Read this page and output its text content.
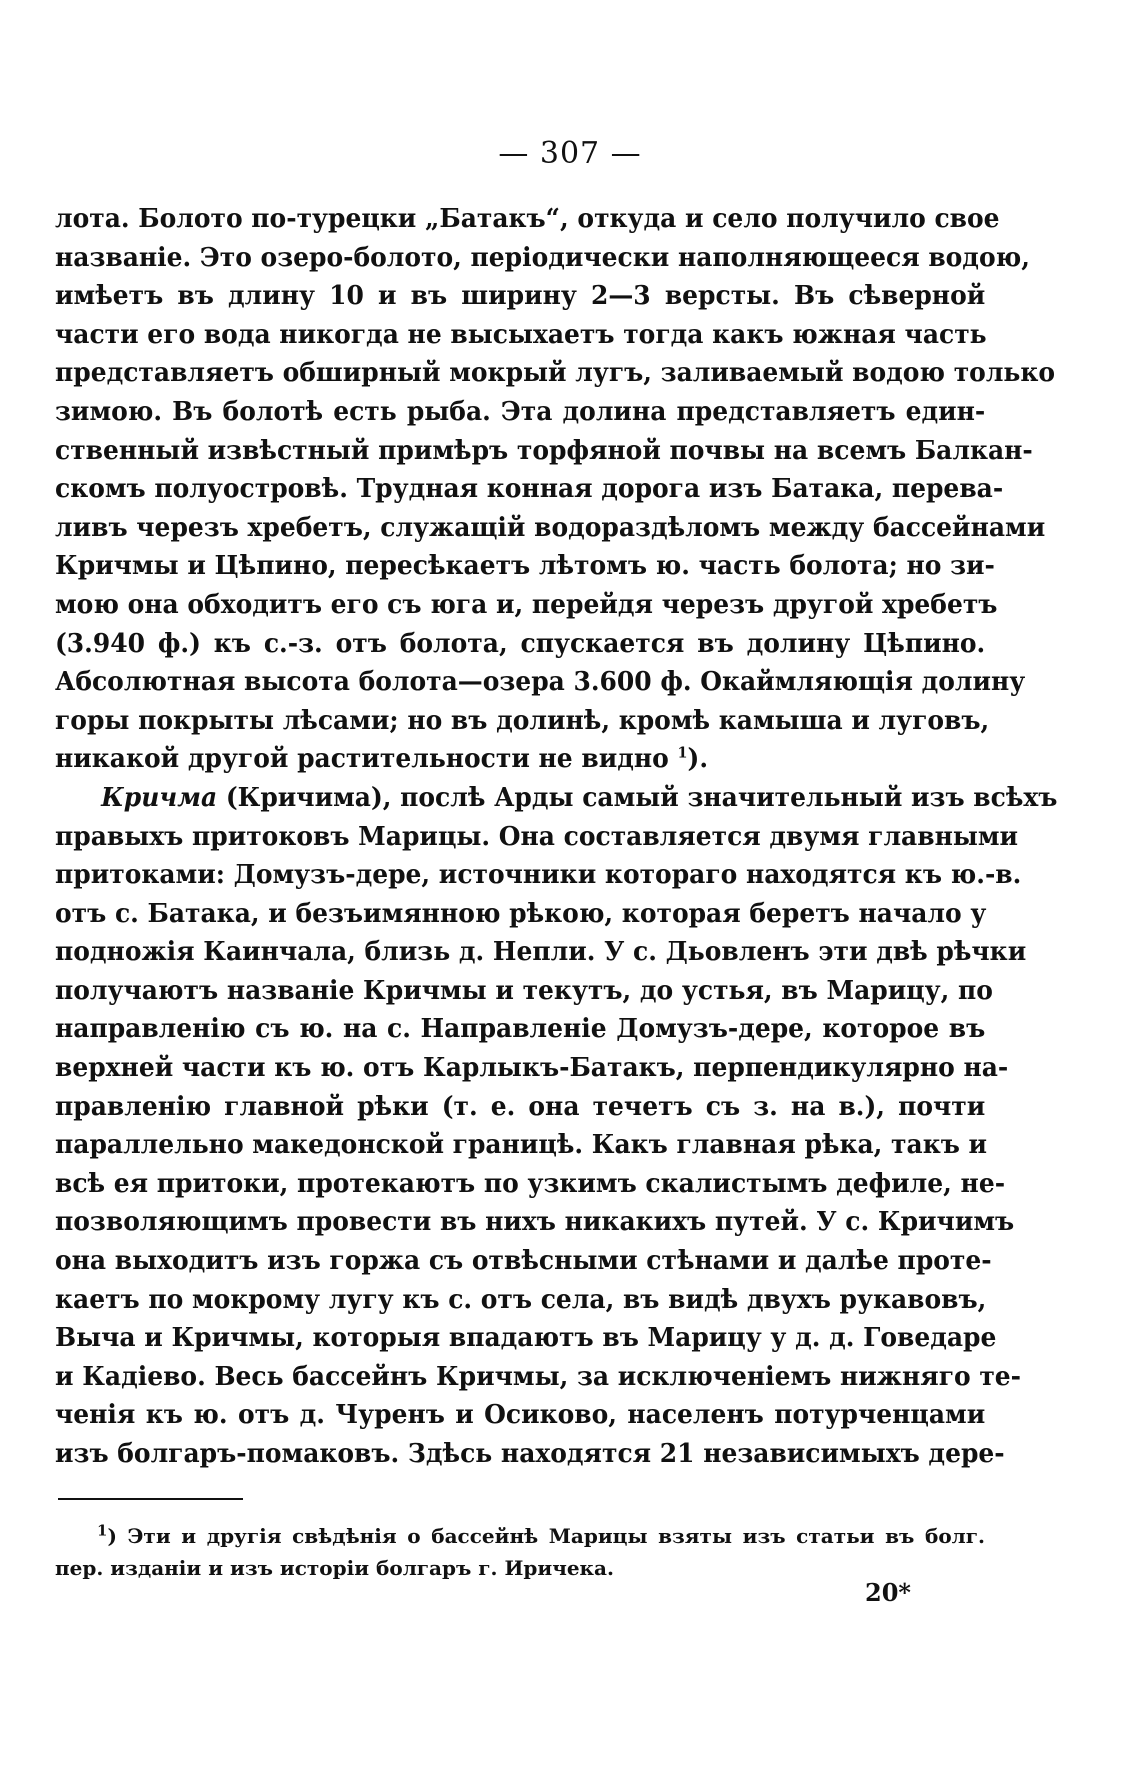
— 307 —
лота. Болото по-турецки „Батакъ“, откуда и село получило свое
названіе. Это озеро-болото, періодически наполняющееся водою,
имѣетъ въ длину 10 и въ ширину 2—3 версты. Въ сѣверной
части его вода никогда не высыхаетъ тогда какъ южная часть
представляетъ обширный мокрый лугъ, заливаемый водою только
зимою. Въ болотѣ есть рыба. Эта долина представляетъ един-
ственный извѣстный примѣръ торфяной почвы на всемъ Балкан-
скомъ полуостровѣ. Трудная конная дорога изъ Батака, перева-
ливъ черезъ хребетъ, служащій водораздѣломъ между бассейнами
Кричмы и Цѣпино, пересѣкаетъ лѣтомъ ю. часть болота; но зи-
мою она обходитъ его съ юга и, перейдя черезъ другой хребетъ
(3.940 ф.) къ с.-з. отъ болота, спускается въ долину Цѣпино.
Абсолютная высота болота—озера 3.600 ф. Окаймляющія долину
горы покрыты лѣсами; но въ долинѣ, кромѣ камыша и луговъ,
никакой другой растительности не видно $^1$).
Кричма (Кричима), послѣ Арды самый значительный изъ всѣхъ
правыхъ притоковъ Марицы. Она составляется двумя главными
притоками: Домузъ-дере, источники котораго находятся къ ю.-в.
отъ с. Батака, и безъимянною рѣкою, которая беретъ начало у
подножія Каинчала, близь д. Непли. У с. Дьовленъ эти двѣ рѣчки
получаютъ названіе Кричмы и текутъ, до устья, въ Марицу, по
направленію съ ю. на с. Направленіе Домузъ-дере, которое въ
верхней части къ ю. отъ Карлыкъ-Батакъ, перпендикулярно на-
правленію главной рѣки (т. е. она течетъ съ з. на в.), почти
параллельно македонской границѣ. Какъ главная рѣка, такъ и
всѣ ея притоки, протекаютъ по узкимъ скалистымъ дефиле, не-
позволяющимъ провести въ нихъ никакихъ путей. У с. Кричимъ
она выходитъ изъ горжа съ отвѣсными стѣнами и далѣе проте-
каетъ по мокрому лугу къ с. отъ села, въ видѣ двухъ рукавовъ,
Выча и Кричмы, которыя впадаютъ въ Марицу у д. д. Говедаре
и Кадіево. Весь бассейнъ Кричмы, за исключеніемъ нижняго те-
ченія къ ю. отъ д. Чуренъ и Осиково, населенъ потурченцами
изъ болгаръ-помаковъ. Здѣсь находятся 21 независимыхъ дере-
$^1$) Эти и другія свѣдѣнія о бассейнѣ Марицы взяты изъ статьи въ болг.
пер. изданіи и изъ исторіи болгаръ г. Иричека.
20*
